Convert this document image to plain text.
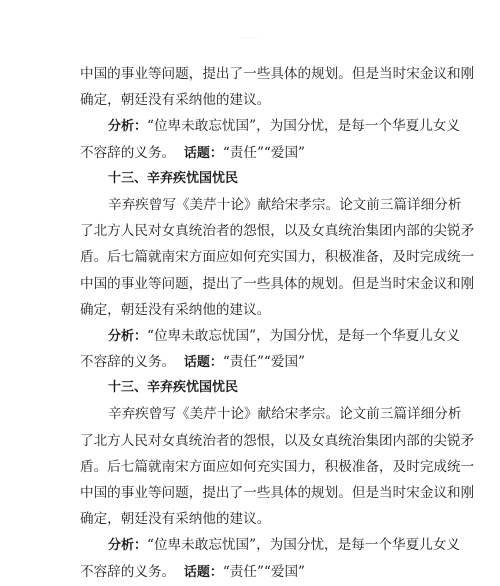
………
中国的事业等问题，提出了一些具体的规划。但是当时宋金议和刚
确定，朝廷没有采纳他的建议。
分析：“位卑未敢忘忧国”，为国分忧，是每一个华夏儿女义
不容辞的义务。 话题：“责任”“爱国”
十三、辛弃疾忧国忧民
辛弃疾曾写《美芹十论》献给宋孝宗。论文前三篇详细分析
了北方人民对女真统治者的怨恨，以及女真统治集团内部的尖锐矛
盾。后七篇就南宋方面应如何充实国力，积极准备，及时完成统一
中国的事业等问题，提出了一些具体的规划。但是当时宋金议和刚
确定，朝廷没有采纳他的建议。
分析：“位卑未敢忘忧国”，为国分忧，是每一个华夏儿女义
不容辞的义务。 话题：“责任”“爱国”
十三、辛弃疾忧国忧民
辛弃疾曾写《美芹十论》献给宋孝宗。论文前三篇详细分析
了北方人民对女真统治者的怨恨，以及女真统治集团内部的尖锐矛
盾。后七篇就南宋方面应如何充实国力，积极准备，及时完成统一
中国的事业等问题，提出了一些具体的规划。但是当时宋金议和刚
确定，朝廷没有采纳他的建议。
分析：“位卑未敢忘忧国”，为国分忧，是每一个华夏儿女义
不容辞的义务。 话题：“责任”“爱国”
